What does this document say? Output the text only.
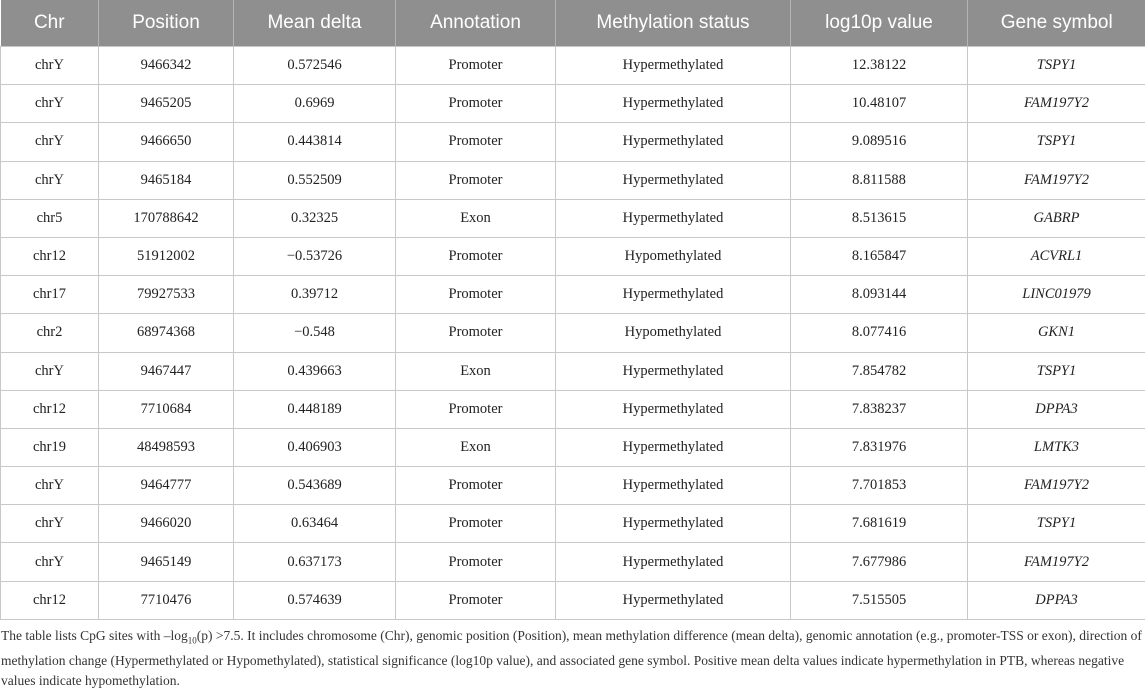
Chr	Position	Mean delta	Annotation	Methylation status	log10p value	Gene symbol
chrY	9466342	0.572546	Promoter	Hypermethylated	12.38122	TSPY1
chrY	9465205	0.6969	Promoter	Hypermethylated	10.48107	FAM197Y2
chrY	9466650	0.443814	Promoter	Hypermethylated	9.089516	TSPY1
chrY	9465184	0.552509	Promoter	Hypermethylated	8.811588	FAM197Y2
chr5	170788642	0.32325	Exon	Hypermethylated	8.513615	GABRP
chr12	51912002	−0.53726	Promoter	Hypomethylated	8.165847	ACVRL1
chr17	79927533	0.39712	Promoter	Hypermethylated	8.093144	LINC01979
chr2	68974368	−0.548	Promoter	Hypomethylated	8.077416	GKN1
chrY	9467447	0.439663	Exon	Hypermethylated	7.854782	TSPY1
chr12	7710684	0.448189	Promoter	Hypermethylated	7.838237	DPPA3
chr19	48498593	0.406903	Exon	Hypermethylated	7.831976	LMTK3
chrY	9464777	0.543689	Promoter	Hypermethylated	7.701853	FAM197Y2
chrY	9466020	0.63464	Promoter	Hypermethylated	7.681619	TSPY1
chrY	9465149	0.637173	Promoter	Hypermethylated	7.677986	FAM197Y2
chr12	7710476	0.574639	Promoter	Hypermethylated	7.515505	DPPA3
The table lists CpG sites with $-\log_{10}(p) >7.5$. It includes chromosome (Chr), genomic position (Position), mean methylation difference (mean delta), genomic annotation (e.g., promoter-TSS or exon), direction of methylation change (Hypermethylated or Hypomethylated), statistical significance (log10p value), and associated gene symbol. Positive mean delta values indicate hypermethylation in PTB, whereas negative values indicate hypomethylation.
